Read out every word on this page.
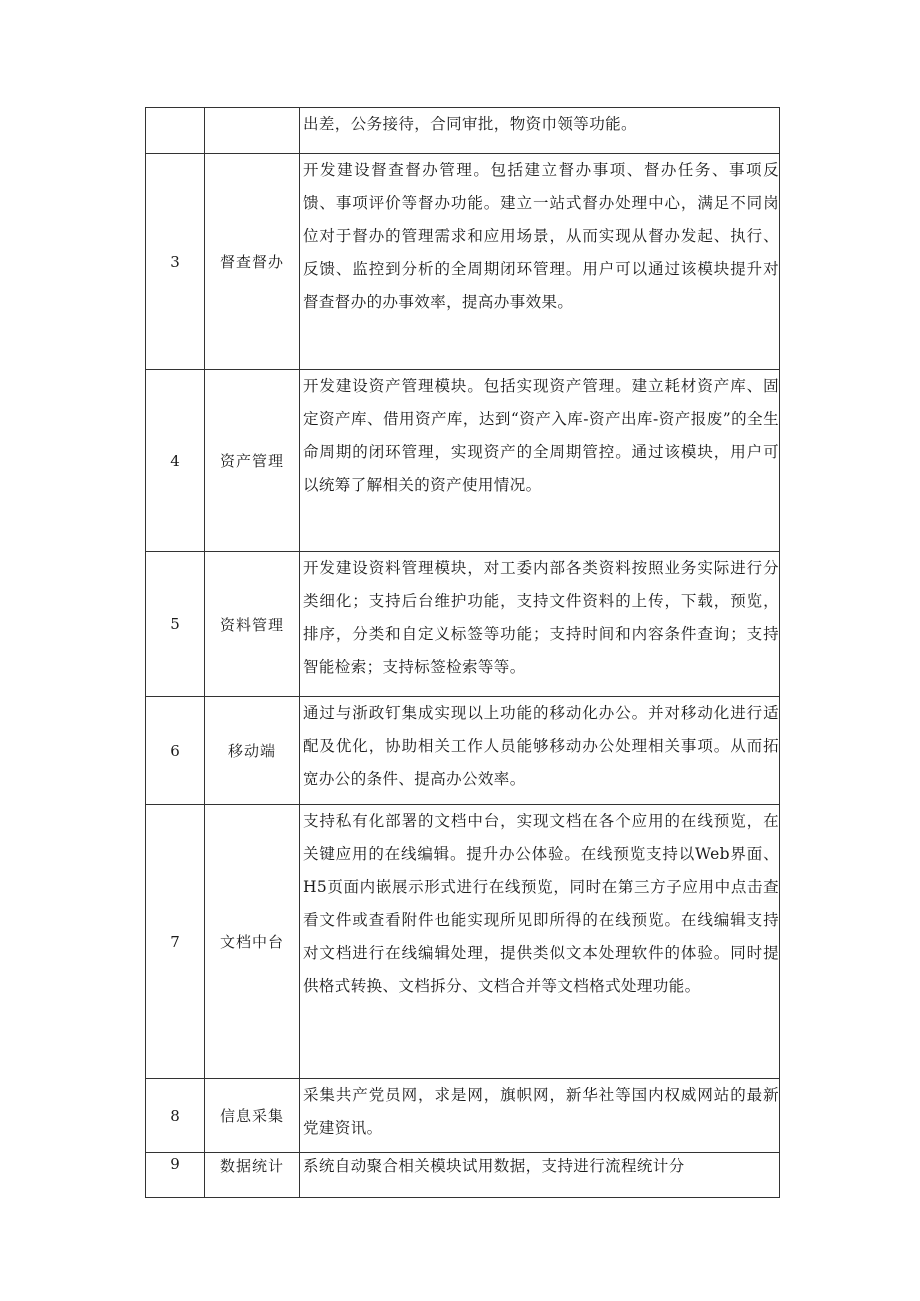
		出差，公务接待，合同审批，物资巾领等功能。

3	督查督办	开发建设督查督办管理。包括建立督办事项、督办任务、事项反馈、事项评价等督办功能。建立一站式督办处理中心，满足不同岗位对于督办的管理需求和应用场景，从而实现从督办发起、执行、反馈、监控到分析的全周期闭环管理。用户可以通过该模块提升对督查督办的办事效率，提高办事效果。

4	资产管理	开发建设资产管理模块。包括实现资产管理。建立耗材资产库、固定资产库、借用资产库，达到“资产入库-资产出库-资产报废”的全生命周期的闭环管理，实现资产的全周期管控。通过该模块，用户可以统筹了解相关的资产使用情况。

5	资料管理	开发建设资料管理模块，对工委内部各类资料按照业务实际进行分类细化；支持后台维护功能，支持文件资料的上传，下载，预览，排序，分类和自定义标签等功能；支持时间和内容条件查询；支持智能检索；支持标签检索等等。

6	移动端	通过与浙政钉集成实现以上功能的移动化办公。并对移动化进行适配及优化，协助相关工作人员能够移动办公处理相关事项。从而拓宽办公的条件、提高办公效率。

7	文档中台	支持私有化部署的文档中台，实现文档在各个应用的在线预览，在关键应用的在线编辑。提升办公体验。在线预览支持以Web界面、H5页面内嵌展示形式进行在线预览，同时在第三方子应用中点击查看文件或查看附件也能实现所见即所得的在线预览。在线编辑支持对文档进行在线编辑处理，提供类似文本处理软件的体验。同时提供格式转换、文档拆分、文档合并等文档格式处理功能。

8	信息采集	采集共产党员网，求是网，旗帜网，新华社等国内权威网站的最新党建资讯。

9	数据统计	系统自动聚合相关模块试用数据，支持进行流程统计分
